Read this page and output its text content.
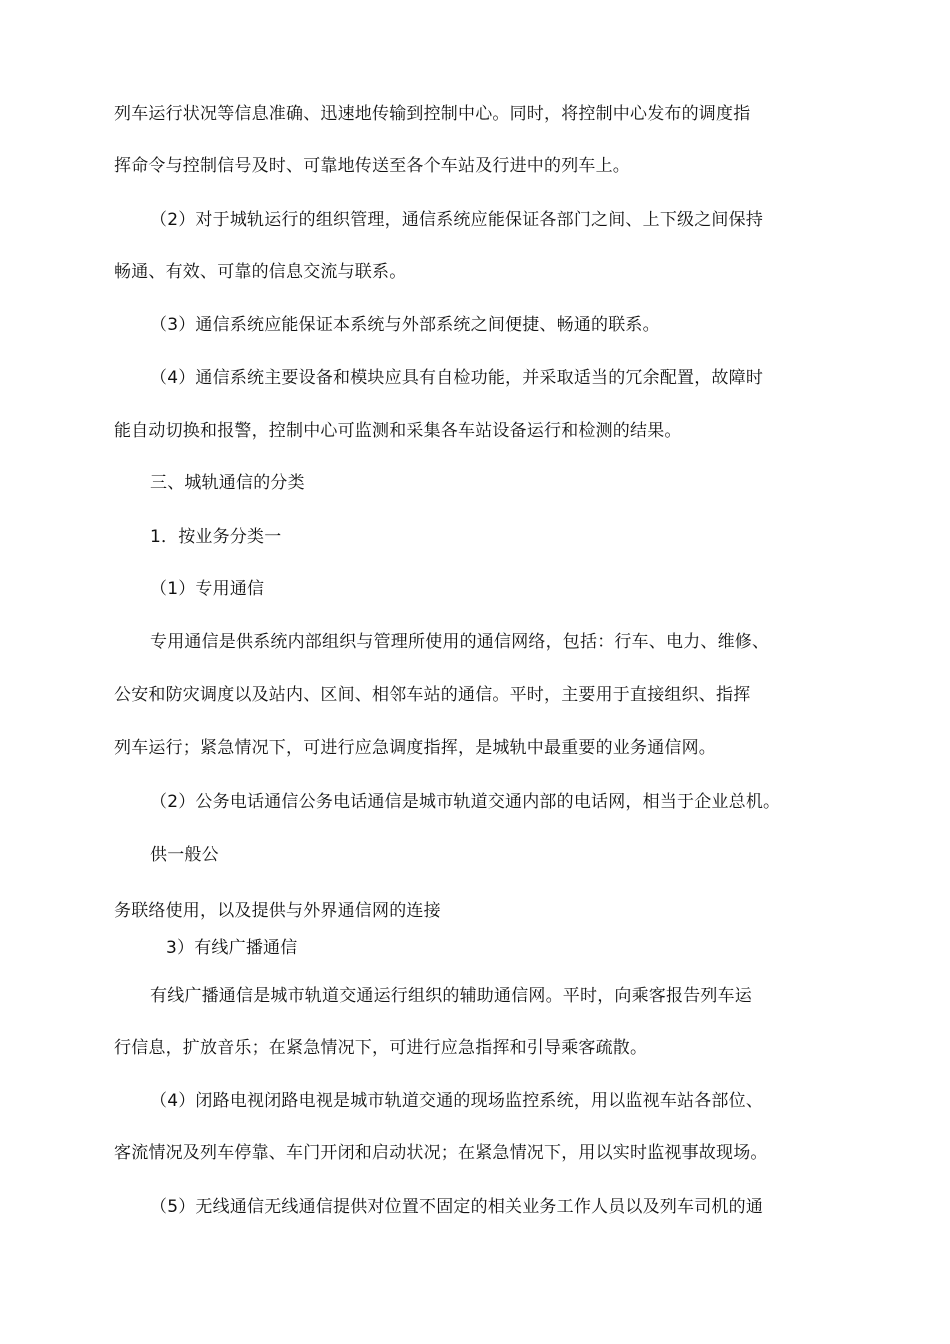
列车运行状况等信息准确、迅速地传输到控制中心。同时，将控制中心发布的调度指
挥命令与控制信号及时、可靠地传送至各个车站及行进中的列车上。
（2）对于城轨运行的组织管理，通信系统应能保证各部门之间、上下级之间保持
畅通、有效、可靠的信息交流与联系。
（3）通信系统应能保证本系统与外部系统之间便捷、畅通的联系。
（4）通信系统主要设备和模块应具有自检功能，并采取适当的冗余配置，故障时
能自动切换和报警，控制中心可监测和采集各车站设备运行和检测的结果。
三、城轨通信的分类
1．按业务分类一
（1）专用通信
专用通信是供系统内部组织与管理所使用的通信网络，包括：行车、电力、维修、
公安和防灾调度以及站内、区间、相邻车站的通信。平时，主要用于直接组织、指挥
列车运行；紧急情况下，可进行应急调度指挥，是城轨中最重要的业务通信网。
（2）公务电话通信公务电话通信是城市轨道交通内部的电话网，相当于企业总机。
供一般公
务联络使用，以及提供与外界通信网的连接
3）有线广播通信
有线广播通信是城市轨道交通运行组织的辅助通信网。平时，向乘客报告列车运
行信息，扩放音乐；在紧急情况下，可进行应急指挥和引导乘客疏散。
（4）闭路电视闭路电视是城市轨道交通的现场监控系统，用以监视车站各部位、
客流情况及列车停靠、车门开闭和启动状况；在紧急情况下，用以实时监视事故现场。
（5）无线通信无线通信提供对位置不固定的相关业务工作人员以及列车司机的通
